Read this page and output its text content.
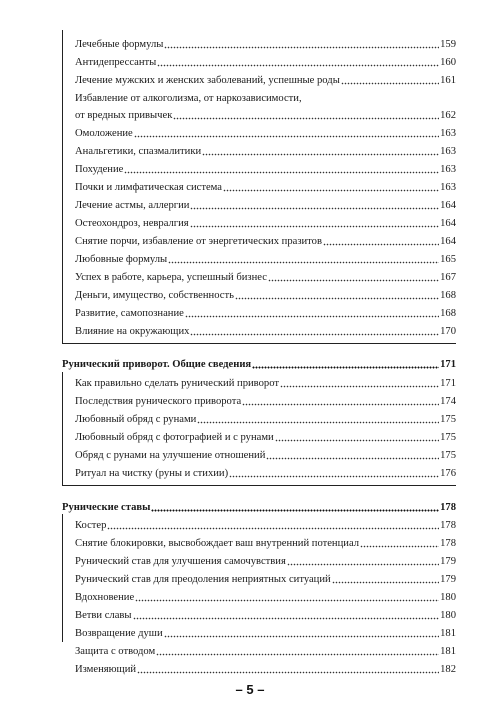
Лечебные формулы	159
Антидепрессанты	160
Лечение мужских и женских заболеваний, успешные роды	161
Избавление от алкоголизма, от наркозависимости,
от вредных привычек	162
Омоложение	163
Анальгетики, спазмалитики	163
Похудение	163
Почки и лимфатическая система	163
Лечение астмы, аллергии	164
Остеохондроз, невралгия	164
Снятие порчи, избавление от энергетических празитов	164
Любовные формулы	165
Успех в работе, карьера, успешный бизнес	167
Деньги, имущество, собственность	168
Развитие, самопознание	168
Влияние на окружающих	170
Рунический приворот. Общие сведения	171
Как правильно сделать рунический приворот	171
Последствия рунического приворота	174
Любовный обряд с рунами	175
Любовный обряд с фотографией и с рунами	175
Обряд с рунами на улучшение отношений	175
Ритуал на чистку (руны и стихии)	176
Рунические ставы	178
Костер	178
Снятие блокировки, высвобождает ваш внутренний потенциал	178
Рунический став для улучшения самочувствия	179
Рунический став для преодоления неприятных ситуаций	179
Вдохновение	180
Ветви славы	180
Возвращение души	181
Защита с отводом	181
Изменяющий	182
– 5 –
